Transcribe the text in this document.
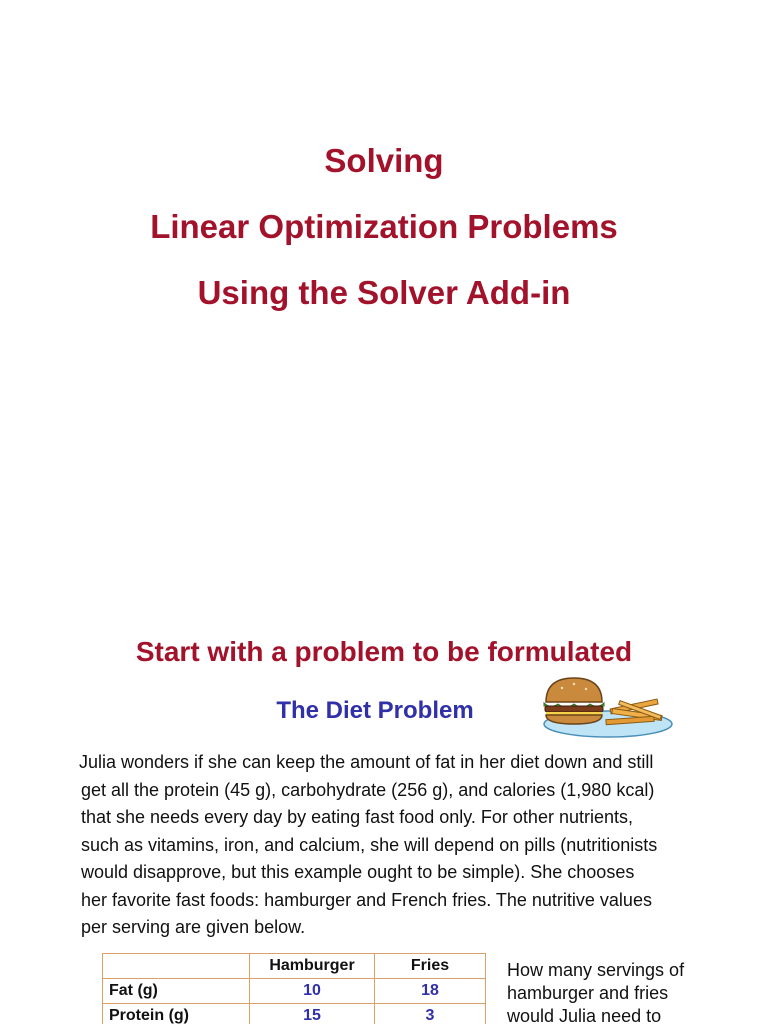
Solving
Linear Optimization Problems
Using the Solver Add-in
Start with a problem to be formulated
The Diet Problem
Julia wonders if she can keep the amount of fat in her diet down and still
get all the protein (45 g), carbohydrate (256 g), and calories (1,980 kcal)
that she needs every day by eating fast food only. For other nutrients,
such as vitamins, iron, and calcium, she will depend on pills (nutritionists
would disapprove, but this example ought to be simple). She chooses
her favorite fast foods: hamburger and French fries. The nutritive values
per serving are given below.
	Hamburger	Fries
Fat (g)	10	18
Protein (g)	15	3
How many servings of
hamburger and fries
would Julia need to
